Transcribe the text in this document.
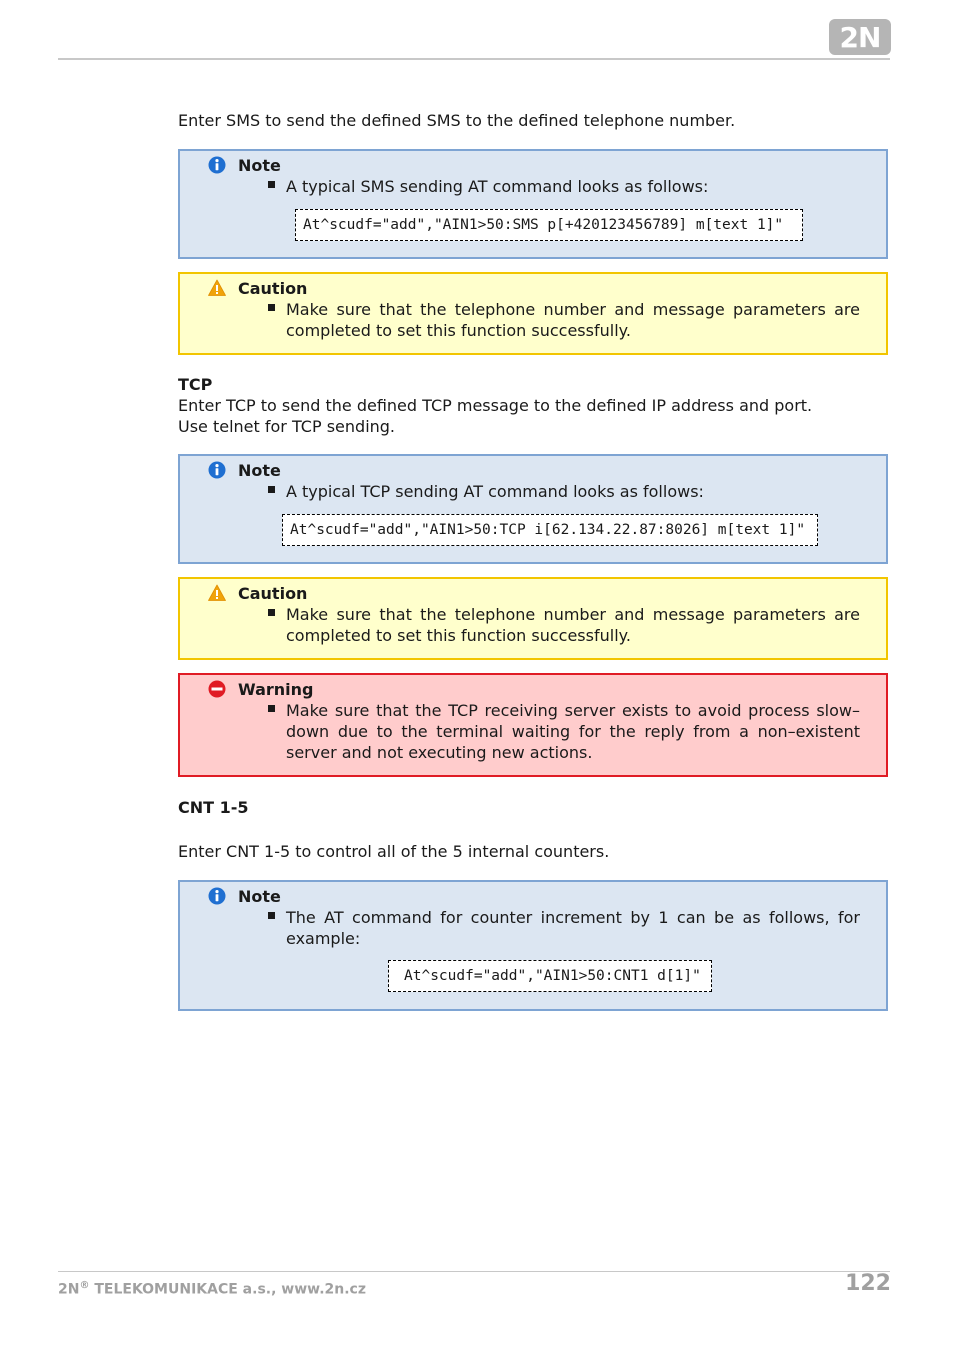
2N
Enter SMS to send the defined SMS to the defined telephone number.
Note
A typical SMS sending AT command looks as follows:
At^scudf="add","AIN1>50:SMS p[+420123456789] m[text 1]"
Caution
Make sure that the telephone number and message parameters are completed to set this function successfully.
TCP
Enter TCP to send the defined TCP message to the defined IP address and port.
Use telnet for TCP sending.
Note
A typical TCP sending AT command looks as follows:
At^scudf="add","AIN1>50:TCP i[62.134.22.87:8026] m[text 1]"
Caution
Make sure that the telephone number and message parameters are completed to set this function successfully.
Warning
Make sure that the TCP receiving server exists to avoid process slow–down due to the terminal waiting for the reply from a non–existent server and not executing new actions.
CNT 1-5
Enter CNT 1-5 to control all of the 5 internal counters.
Note
The AT command for counter increment by 1 can be as follows, for example:
At^scudf="add","AIN1>50:CNT1 d[1]"
2N® TELEKOMUNIKACE a.s., www.2n.cz	122
